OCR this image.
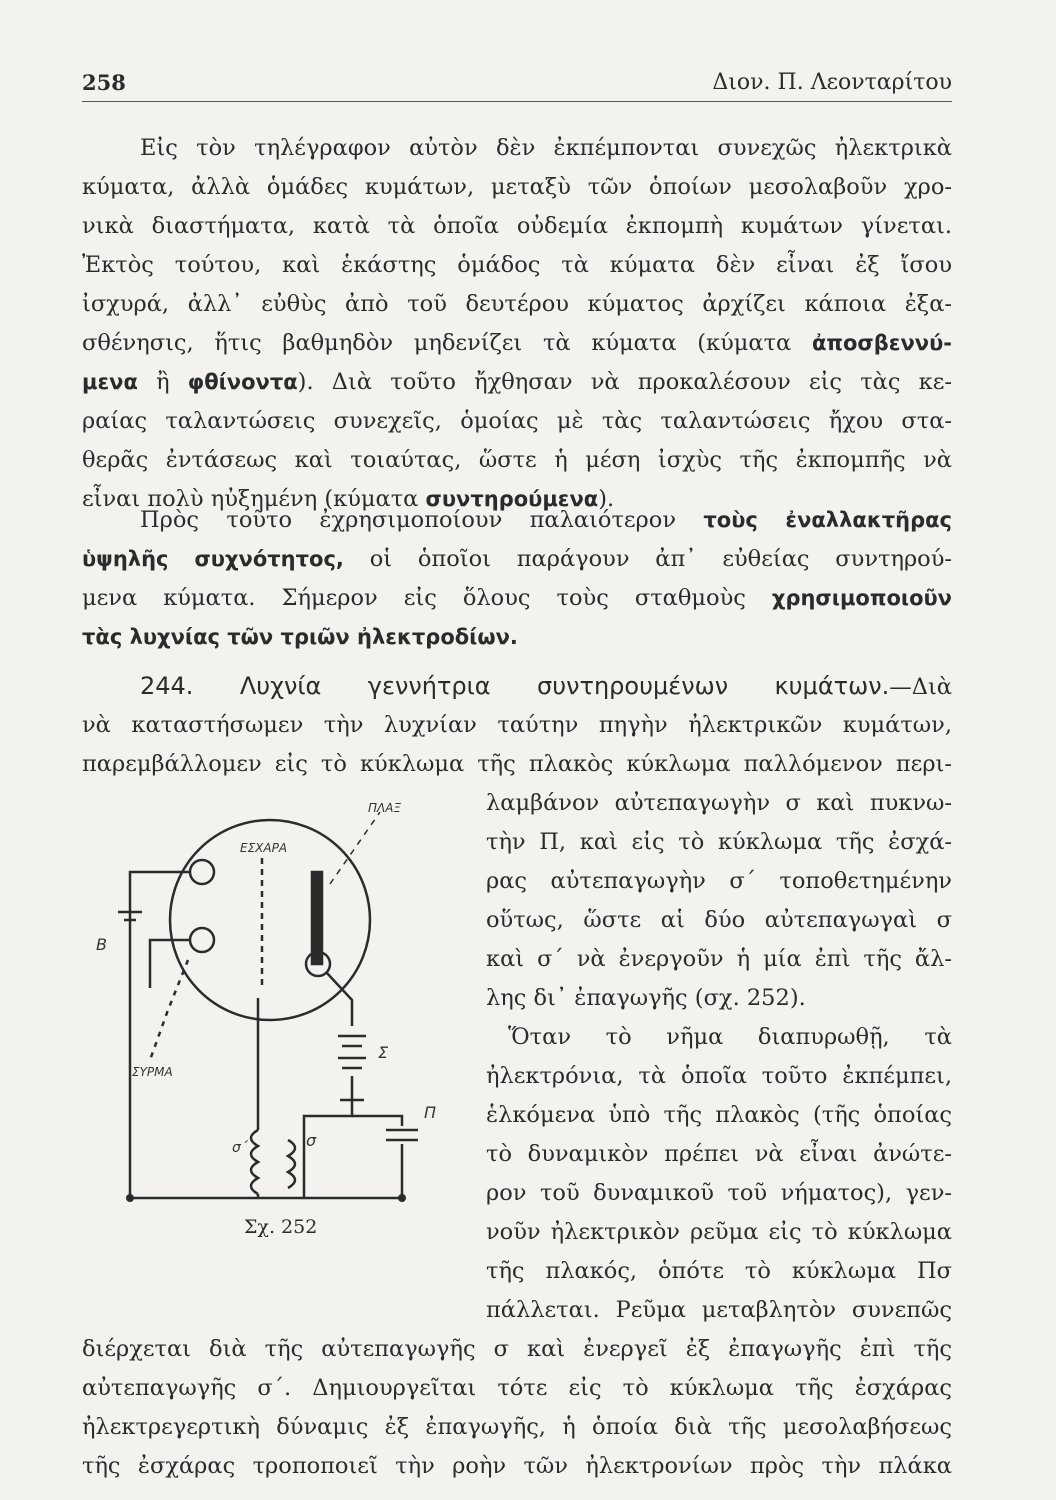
258	Διον. Π. Λεονταρίτου
Εἰς τὸν τηλέγραφον αὐτὸν δὲν ἐκπέμπονται συνεχῶς ἠλεκτρικὰ
κύματα, ἀλλὰ ὁμάδες κυμάτων, μεταξὺ τῶν ὁποίων μεσολαβοῦν χρο-
νικὰ διαστήματα, κατὰ τὰ ὁποῖα οὐδεμία ἐκπομπὴ κυμάτων γίνεται.
Ἐκτὸς τούτου, καὶ ἑκάστης ὁμάδος τὰ κύματα δὲν εἶναι ἐξ ἴσου
ἰσχυρά, ἀλλ᾿ εὐθὺς ἀπὸ τοῦ δευτέρου κύματος ἀρχίζει κάποια ἐξα-
σθένησις, ἥτις βαθμηδὸν μηδενίζει τὰ κύματα (κύματα ἀποσβεννύ-
μενα ἢ φθίνοντα). Διὰ τοῦτο ἤχθησαν νὰ προκαλέσουν εἰς τὰς κε-
ραίας ταλαντώσεις συνεχεῖς, ὁμοίας μὲ τὰς ταλαντώσεις ἤχου στα-
θερᾶς ἐντάσεως καὶ τοιαύτας, ὥστε ἡ μέση ἰσχὺς τῆς ἐκπομπῆς νὰ
εἶναι πολὺ ηὐξημένη (κύματα συντηρούμενα).
Πρὸς τοῦτο ἐχρησιμοποίουν παλαιότερον τοὺς ἐναλλακτῆρας
ὑψηλῆς συχνότητος, οἱ ὁποῖοι παράγουν ἀπ᾿ εὐθείας συντηρού-
μενα κύματα. Σήμερον εἰς ὅλους τοὺς σταθμοὺς χρησιμοποιοῦν
τὰς λυχνίας τῶν τριῶν ἠλεκτροδίων.
244. Λυχνία γεννήτρια συντηρουμένων κυμάτων.—Διὰ
νὰ καταστήσωμεν τὴν λυχνίαν ταύτην πηγὴν ἠλεκτρικῶν κυμάτων,
παρεμβάλλομεν εἰς τὸ κύκλωμα τῆς πλακὸς κύκλωμα παλλόμενον περι-
λαμβάνον αὐτεπαγωγὴν σ καὶ πυκνω-
τὴν Π, καὶ εἰς τὸ κύκλωμα τῆς ἐσχά-
ρας αὐτεπαγωγὴν σ´ τοποθετημένην
οὕτως, ὥστε αἱ δύο αὐτεπαγωγαὶ σ
καὶ σ´ νὰ ἐνεργοῦν ἡ μία ἐπὶ τῆς ἄλ-
λης δι᾿ ἐπαγωγῆς (σχ. 252).
Ὅταν τὸ νῆμα διαπυρωθῇ, τὰ
ἠλεκτρόνια, τὰ ὁποῖα τοῦτο ἐκπέμπει,
ἑλκόμενα ὑπὸ τῆς πλακὸς (τῆς ὁποίας
τὸ δυναμικὸν πρέπει νὰ εἶναι ἀνώτε-
ρον τοῦ δυναμικοῦ τοῦ νήματος), γεν-
νοῦν ἠλεκτρικὸν ρεῦμα εἰς τὸ κύκλωμα
τῆς πλακός, ὁπότε τὸ κύκλωμα Πσ
πάλλεται. Ρεῦμα μεταβλητὸν συνεπῶς
διέρχεται διὰ τῆς αὐτεπαγωγῆς σ καὶ ἐνεργεῖ ἐξ ἐπαγωγῆς ἐπὶ τῆς
αὐτεπαγωγῆς σ´. Δημιουργεῖται τότε εἰς τὸ κύκλωμα τῆς ἐσχάρας
ἠλεκτρεγερτικὴ δύναμις ἐξ ἐπαγωγῆς, ἡ ὁποία διὰ τῆς μεσολαβήσεως
τῆς ἐσχάρας τροποποιεῖ τὴν ροὴν τῶν ἠλεκτρονίων πρὸς τὴν πλάκα
ΠΛΑΞ
ΕΣΧΑΡΑ
ΣΥΡΜΑ
B
Σ
Π
σ
σ´
Σχ. 252
